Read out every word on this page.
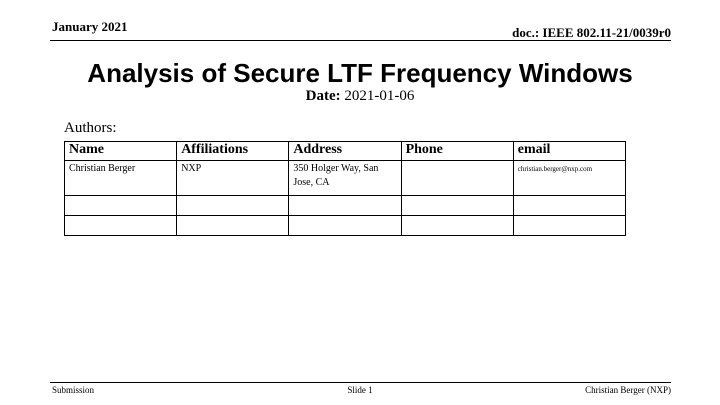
January 2021	doc.: IEEE 802.11-21/0039r0
Analysis of Secure LTF Frequency Windows
Date: 2021-01-06
Authors:
Name	Affiliations	Address	Phone	email
Christian Berger	NXP	350 Holger Way, San Jose, CA		christian.berger@nxp.com

Submission	Slide 1	Christian Berger (NXP)
